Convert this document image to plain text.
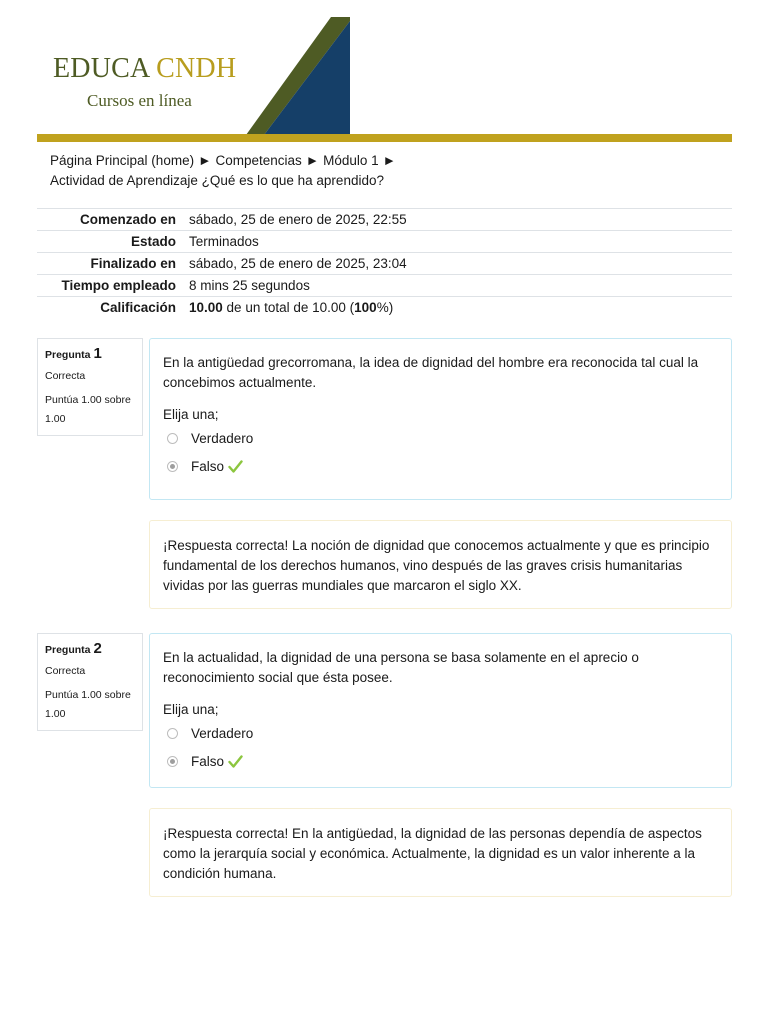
EDUCA CNDH
Cursos en línea
Página Principal (home) ► Competencias ► Módulo 1 ►
Actividad de Aprendizaje ¿Qué es lo que ha aprendido?
Comenzado en	sábado, 25 de enero de 2025, 22:55
Estado	Terminados
Finalizado en	sábado, 25 de enero de 2025, 23:04
Tiempo empleado	8 mins 25 segundos
Calificación	10.00 de un total de 10.00 (100%)
Pregunta 1
Correcta
Puntúa 1.00 sobre 1.00
En la antigüedad grecorromana, la idea de dignidad del hombre era reconocida tal cual la concebimos actualmente.
Elija una;
Verdadero
Falso
¡Respuesta correcta! La noción de dignidad que conocemos actualmente y que es principio fundamental de los derechos humanos, vino después de las graves crisis humanitarias vividas por las guerras mundiales que marcaron el siglo XX.
Pregunta 2
Correcta
Puntúa 1.00 sobre 1.00
En la actualidad, la dignidad de una persona se basa solamente en el aprecio o reconocimiento social que ésta posee.
Elija una;
Verdadero
Falso
¡Respuesta correcta! En la antigüedad, la dignidad de las personas dependía de aspectos como la jerarquía social y económica. Actualmente, la dignidad es un valor inherente a la condición humana.
